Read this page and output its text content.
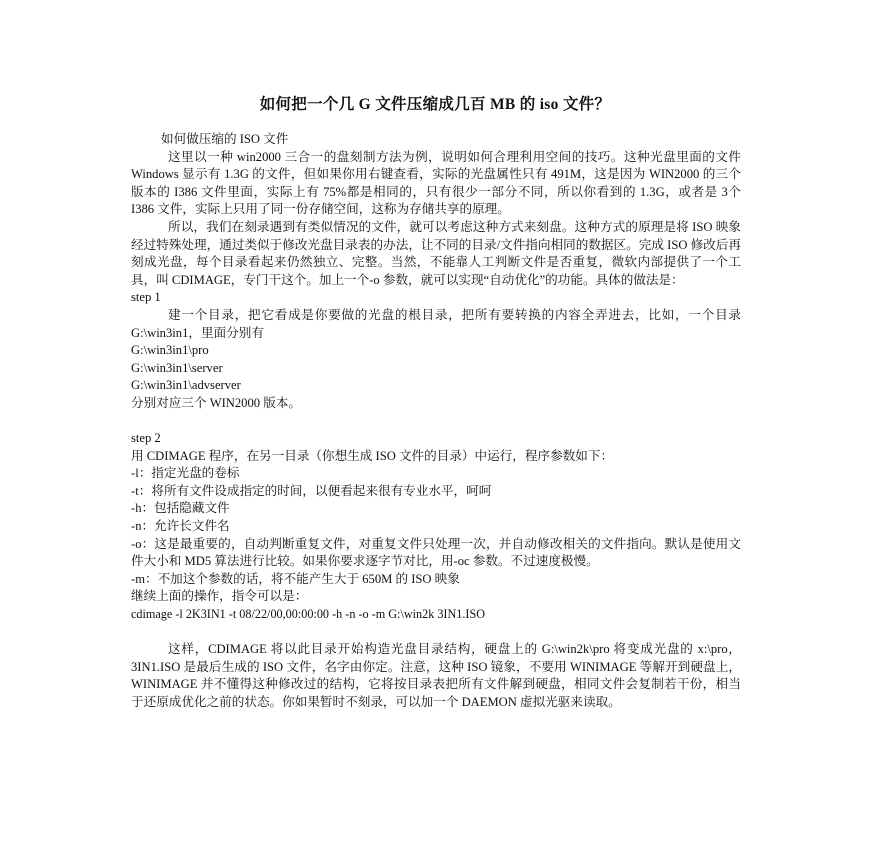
如何把一个几 G 文件压缩成几百 MB 的 iso 文件？

如何做压缩的 ISO 文件

这里以一种 win2000 三合一的盘刻制方法为例，说明如何合理利用空间的技巧。这种光盘里面的文件 Windows 显示有 1.3G 的文件，但如果你用右键查看，实际的光盘属性只有 491M，这是因为 WIN2000 的三个版本的 I386 文件里面，实际上有 75%都是相同的，只有很少一部分不同，所以你看到的 1.3G，或者是 3个 I386 文件，实际上只用了同一份存储空间，这称为存储共享的原理。

所以，我们在刻录遇到有类似情况的文件，就可以考虑这种方式来刻盘。这种方式的原理是将 ISO 映象经过特殊处理，通过类似于修改光盘目录表的办法，让不同的目录/文件指向相同的数据区。完成 ISO 修改后再刻成光盘，每个目录看起来仍然独立、完整。当然，不能靠人工判断文件是否重复，微软内部提供了一个工具，叫 CDIMAGE，专门干这个。加上一个-o 参数，就可以实现“自动优化”的功能。具体的做法是：

step 1

建一个目录，把它看成是你要做的光盘的根目录，把所有要转换的内容全弄进去，比如，一个目录 G:\win3in1，里面分别有

G:\win3in1\pro

G:\win3in1\server

G:\win3in1\advserver

分别对应三个 WIN2000 版本。

step 2

用 CDIMAGE 程序，在另一目录（你想生成 ISO 文件的目录）中运行，程序参数如下：

-l：指定光盘的卷标

-t：将所有文件设成指定的时间，以便看起来很有专业水平，呵呵

-h：包括隐藏文件

-n：允许长文件名

-o：这是最重要的，自动判断重复文件，对重复文件只处理一次，并自动修改相关的文件指向。默认是使用文件大小和 MD5 算法进行比较。如果你要求逐字节对比，用-oc 参数。不过速度极慢。

-m：不加这个参数的话，将不能产生大于 650M 的 ISO 映象

继续上面的操作，指令可以是：

cdimage -l 2K3IN1 -t 08/22/00,00:00:00 -h -n -o -m G:\win2k 3IN1.ISO

这样，CDIMAGE 将以此目录开始构造光盘目录结构，硬盘上的 G:\win2k\pro 将变成光盘的 x:\pro，3IN1.ISO 是最后生成的 ISO 文件，名字由你定。注意，这种 ISO 镜象，不要用 WINIMAGE 等解开到硬盘上，WINIMAGE 并不懂得这种修改过的结构，它将按目录表把所有文件解到硬盘，相同文件会复制若干份，相当于还原成优化之前的状态。你如果暂时不刻录，可以加一个 DAEMON 虚拟光驱来读取。
